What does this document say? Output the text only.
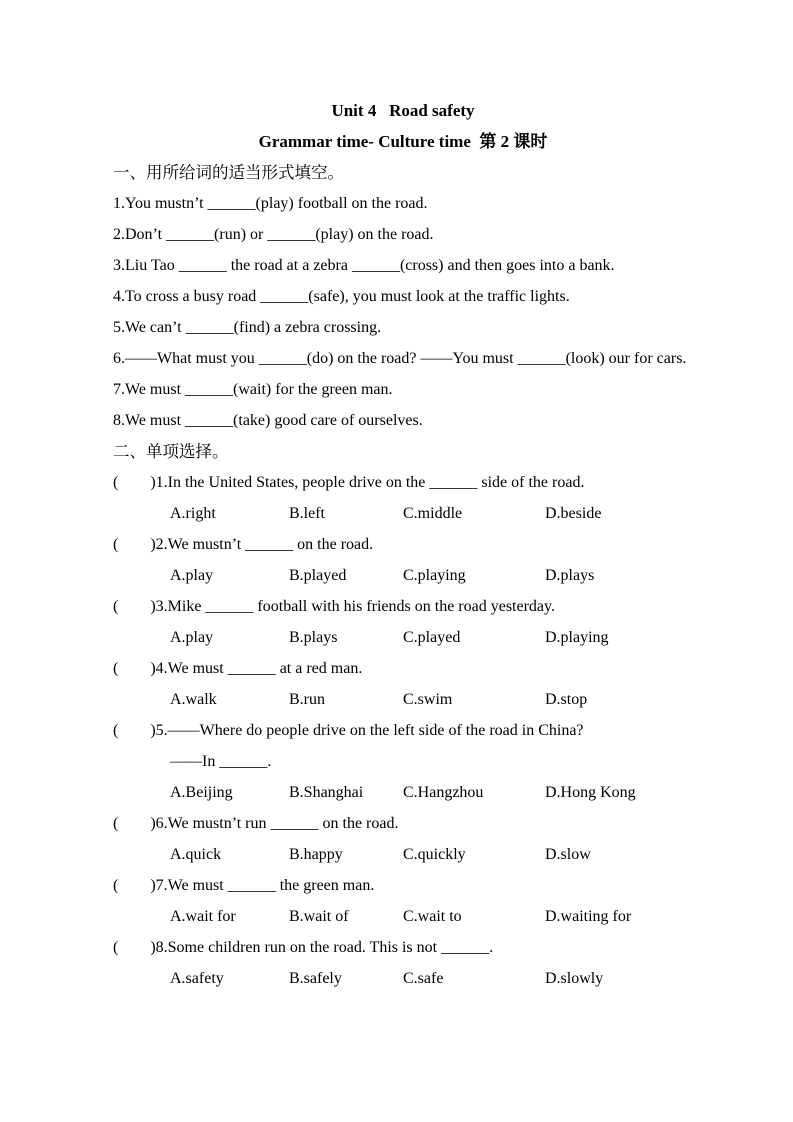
Unit 4   Road safety

Grammar time- Culture time  第 2 课时

一、用所给词的适当形式填空。

1.You mustn’t ______(play) football on the road.

2.Don’t ______(run) or ______(play) on the road.

3.Liu Tao ______ the road at a zebra ______(cross) and then goes into a bank.

4.To cross a busy road ______(safe), you must look at the traffic lights.

5.We can’t ______(find) a zebra crossing.

6.——What must you ______(do) on the road? ——You must ______(look) our for cars.

7.We must ______(wait) for the green man.

8.We must ______(take) good care of ourselves.

二、单项选择。

(　　)1.In the United States, people drive on the ______ side of the road.

A.right	B.left	C.middle	D.beside

(　　)2.We mustn’t ______ on the road.

A.play	B.played	C.playing	D.plays

(　　)3.Mike ______ football with his friends on the road yesterday.

A.play	B.plays	C.played	D.playing

(　　)4.We must ______ at a red man.

A.walk	B.run	C.swim	D.stop

(　　)5.——Where do people drive on the left side of the road in China?

——In ______.

A.Beijing	B.Shanghai C.Hangzhou	D.Hong Kong

(　　)6.We mustn’t run ______ on the road.

A.quick	B.happy	C.quickly	D.slow

(　　)7.We must ______ the green man.

A.wait for	B.wait of	C.wait to	D.waiting for

(　　)8.Some children run on the road. This is not ______.

A.safety	B.safely	C.safe	D.slowly
